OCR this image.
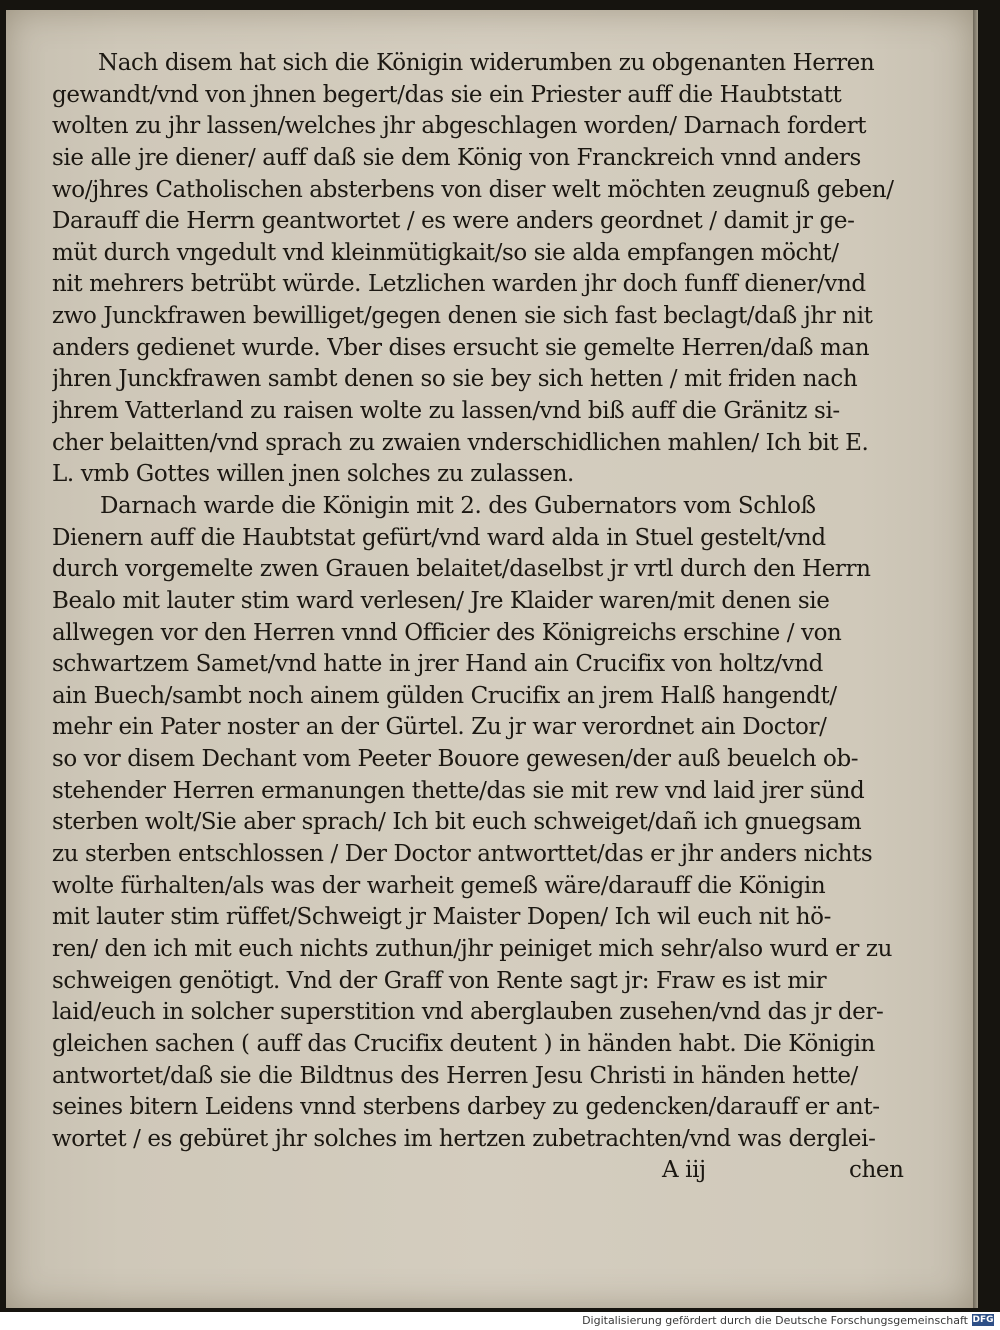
Nach disem hat sich die Königin widerumben zu obgenanten Herren
gewandt/vnd von jhnen begert/das sie ein Priester auff die Haubtstatt
wolten zu jhr lassen/welches jhr abgeschlagen worden/ Darnach fordert
sie alle jre diener/ auff daß sie dem König von Franckreich vnnd anders
wo/jhres Catholischen absterbens von diser welt möchten zeugnuß geben/
Darauff die Herrn geantwortet / es were anders geordnet / damit jr ge-
müt durch vngedult vnd kleinmütigkait/so sie alda empfangen möcht/
nit mehrers betrübt würde. Letzlichen warden jhr doch funff diener/vnd
zwo Junckfrawen bewilliget/gegen denen sie sich fast beclagt/daß jhr nit
anders gedienet wurde. Vber dises ersucht sie gemelte Herren/daß man
jhren Junckfrawen sambt denen so sie bey sich hetten / mit friden nach
jhrem Vatterland zu raisen wolte zu lassen/vnd biß auff die Gränitz si-
cher belaitten/vnd sprach zu zwaien vnderschidlichen mahlen/ Ich bit E.
L. vmb Gottes willen jnen solches zu zulassen.
Darnach warde die Königin mit 2. des Gubernators vom Schloß
Dienern auff die Haubtstat gefürt/vnd ward alda in Stuel gestelt/vnd
durch vorgemelte zwen Grauen belaitet/daselbst jr vrtl durch den Herrn
Bealo mit lauter stim ward verlesen/ Jre Klaider waren/mit denen sie
allwegen vor den Herren vnnd Officier des Königreichs erschine / von
schwartzem Samet/vnd hatte in jrer Hand ain Crucifix von holtz/vnd
ain Buech/sambt noch ainem gülden Crucifix an jrem Halß hangendt/
mehr ein Pater noster an der Gürtel. Zu jr war verordnet ain Doctor/
so vor disem Dechant vom Peeter Bouore gewesen/der auß beuelch ob-
stehender Herren ermanungen thette/das sie mit rew vnd laid jrer sünd
sterben wolt/Sie aber sprach/ Ich bit euch schweiget/dañ ich gnuegsam
zu sterben entschlossen / Der Doctor antworttet/das er jhr anders nichts
wolte fürhalten/als was der warheit gemeß wäre/darauff die Königin
mit lauter stim rüffet/Schweigt jr Maister Dopen/ Ich wil euch nit hö-
ren/ den ich mit euch nichts zuthun/jhr peiniget mich sehr/also wurd er zu
schweigen genötigt. Vnd der Graff von Rente sagt jr: Fraw es ist mir
laid/euch in solcher superstition vnd aberglauben zusehen/vnd das jr der-
gleichen sachen ( auff das Crucifix deutent ) in händen habt. Die Königin
antwortet/daß sie die Bildtnus des Herren Jesu Christi in händen hette/
seines bitern Leidens vnnd sterbens darbey zu gedencken/darauff er ant-
wortet / es gebüret jhr solches im hertzen zubetrachten/vnd was derglei-
A iij	chen
Digitalisierung gefördert durch die Deutsche Forschungsgemeinschaft DFG
